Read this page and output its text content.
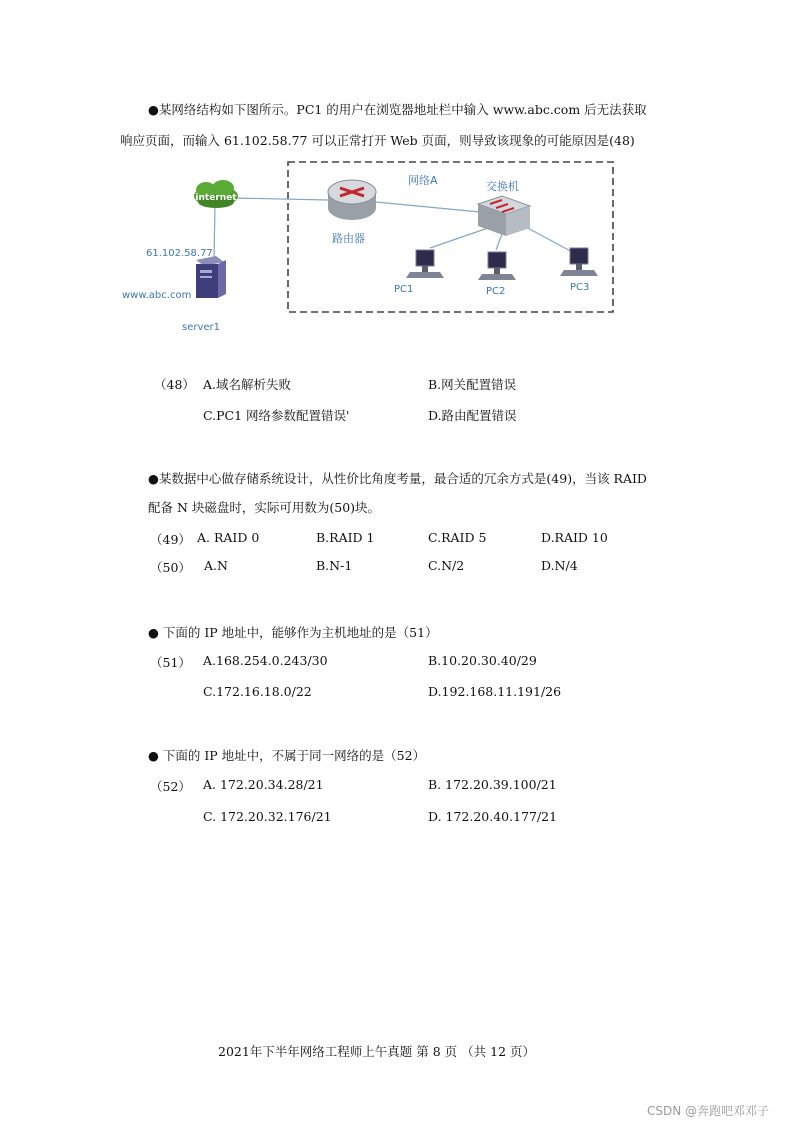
●某网络结构如下图所示。PC1 的用户在浏览器地址栏中输入 www.abc.com 后无法获取
响应页面，而输入 61.102.58.77 可以正常打开 Web 页面，则导致该现象的可能原因是(48)
internet
61.102.58.77
www.abc.com
server1
路由器
网络A	交换机
PC1	PC2	PC3
（48） A.域名解析失败	B.网关配置错误
C.PC1 网络参数配置错误'	D.路由配置错误
●某数据中心做存储系统设计，从性价比角度考量，最合适的冗余方式是(49)，当该 RAID
配备 N 块磁盘时，实际可用数为(50)块。
（49） A. RAID 0	B.RAID 1	C.RAID 5	D.RAID 10
（50） A.N	B.N-1	C.N/2	D.N/4
● 下面的 IP 地址中，能够作为主机地址的是（51）
（51） A.168.254.0.243/30	B.10.20.30.40/29
C.172.16.18.0/22	D.192.168.11.191/26
● 下面的 IP 地址中，不属于同一网络的是（52）
（52） A. 172.20.34.28/21	B. 172.20.39.100/21
C. 172.20.32.176/21	D. 172.20.40.177/21
2021年下半年网络工程师上午真题 第 8 页 （共 12 页）
CSDN @奔跑吧邓邓子
